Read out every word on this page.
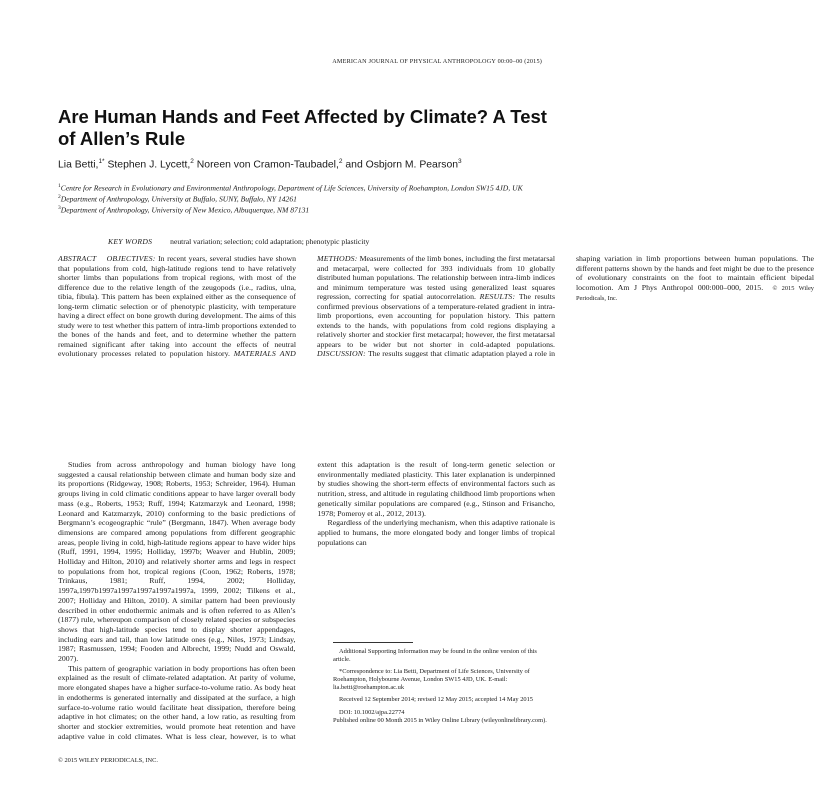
AMERICAN JOURNAL OF PHYSICAL ANTHROPOLOGY 00:00–00 (2015)
Are Human Hands and Feet Affected by Climate? A Test of Allen’s Rule
Lia Betti,$^{1*}$ Stephen J. Lycett,$^2$ Noreen von Cramon-Taubadel,$^2$ and Osbjorn M. Pearson$^3$

$^1$Centre for Research in Evolutionary and Environmental Anthropology, Department of Life Sciences, University of Roehampton, London SW15 4JD, UK

$^2$Department of Anthropology, University at Buffalo, SUNY, Buffalo, NY 14261

$^3$Department of Anthropology, University of New Mexico, Albuquerque, NM 87131

KEY WORDS neutral variation; selection; cold adaptation; phenotypic plasticity

ABSTRACT OBJECTIVES: In recent years, several studies have shown that populations from cold, high-latitude regions tend to have relatively shorter limbs than populations from tropical regions, with most of the difference due to the relative length of the zeugopods (i.e., radius, ulna, tibia, fibula). This pattern has been explained either as the consequence of long-term climatic selection or of phenotypic plasticity, with temperature having a direct effect on bone growth during development. The aims of this study were to test whether this pattern of intra-limb proportions extended to the bones of the hands and feet, and to determine whether the pattern remained significant after taking into account the effects of neutral evolutionary processes related to population history. MATERIALS AND METHODS: Measurements of the limb bones, including the first metatarsal and metacarpal, were collected for 393 individuals from 10 globally distributed human populations. The relationship between intra-limb indices and minimum temperature was tested using generalized least squares regression, correcting for spatial autocorrelation. RESULTS: The results confirmed previous observations of a temperature-related gradient in intra-limb proportions, even accounting for population history. This pattern extends to the hands, with populations from cold regions displaying a relatively shorter and stockier first metacarpal; however, the first metatarsal appears to be wider but not shorter in cold-adapted populations. DISCUSSION: The results suggest that climatic adaptation played a role in shaping variation in limb proportions between human populations. The different patterns shown by the hands and feet might be due to the presence of evolutionary constraints on the foot to maintain efficient bipedal locomotion. Am J Phys Anthropol 000:000–000, 2015. © 2015 Wiley Periodicals, Inc.

Studies from across anthropology and human biology have long suggested a causal relationship between climate and human body size and its proportions (Ridgeway, 1908; Roberts, 1953; Schreider, 1964). Human groups living in cold climatic conditions appear to have larger overall body mass (e.g., Roberts, 1953; Ruff, 1994; Katzmarzyk and Leonard, 1998; Leonard and Katzmarzyk, 2010) conforming to the basic predictions of Bergmann’s ecogeographic “rule” (Bergmann, 1847). When average body dimensions are compared among populations from different geographic areas, people living in cold, high-latitude regions appear to have wider hips (Ruff, 1991, 1994, 1995; Holliday, 1997b; Weaver and Hublin, 2009; Holliday and Hilton, 2010) and relatively shorter arms and legs in respect to populations from hot, tropical regions (Coon, 1962; Roberts, 1978; Trinkaus, 1981; Ruff, 1994, 2002; Holliday, 1997a,1997b1997a1997a1997a1997a1997a, 1999, 2002; Tilkens et al., 2007; Holliday and Hilton, 2010). A similar pattern had been previously described in other endothermic animals and is often referred to as Allen’s (1877) rule, whereupon comparison of closely related species or subspecies shows that high-latitude species tend to display shorter appendages, including ears and tail, than low latitude ones (e.g., Niles, 1973; Lindsay, 1987; Rasmussen, 1994; Fooden and Albrecht, 1999; Nudd and Oswald, 2007).

This pattern of geographic variation in body proportions has often been explained as the result of climate-related adaptation. At parity of volume, more elongated shapes have a higher surface-to-volume ratio. As body heat in endotherms is generated internally and dissipated at the surface, a high surface-to-volume ratio would facilitate heat dissipation, therefore being adaptive in hot climates; on the other hand, a low ratio, as resulting from shorter and stockier extremities, would promote heat retention and have adaptive value in cold climates. What is less clear, however, is to what extent this adaptation is the result of long-term genetic selection or environmentally mediated plasticity. This later explanation is underpinned by studies showing the short-term effects of environmental factors such as nutrition, stress, and altitude in regulating childhood limb proportions when genetically similar populations are compared (e.g., Stinson and Frisancho, 1978; Pomeroy et al., 2012, 2013).

Regardless of the underlying mechanism, when this adaptive rationale is applied to humans, the more elongated body and longer limbs of tropical populations can

Additional Supporting Information may be found in the online version of this article.

*Correspondence to: Lia Betti, Department of Life Sciences, University of Roehampton, Holybourne Avenue, London SW15 4JD, UK. E-mail: lia.betti@roehampton.ac.uk

Received 12 September 2014; revised 12 May 2015; accepted 14 May 2015

DOI: 10.1002/ajpa.22774
Published online 00 Month 2015 in Wiley Online Library (wileyonlinelibrary.com).

© 2015 WILEY PERIODICALS, INC.
